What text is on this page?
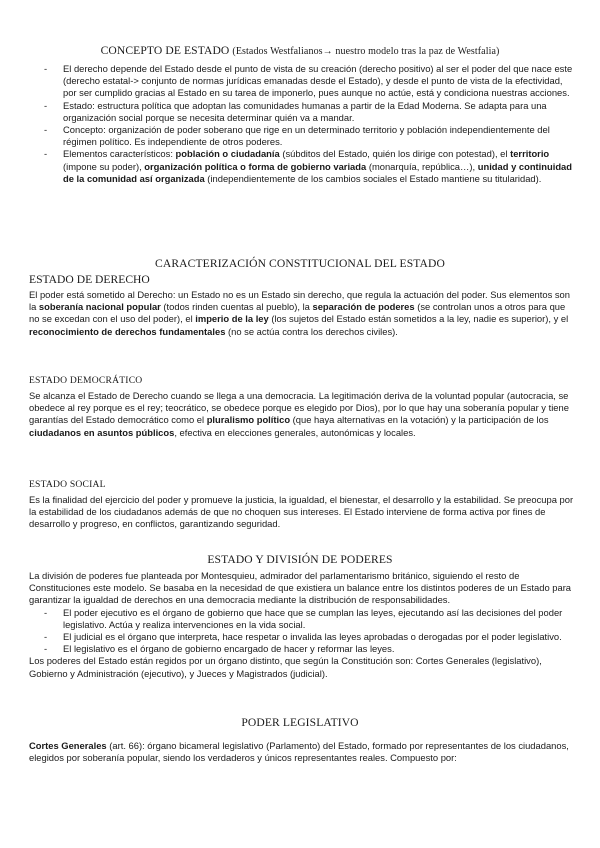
CONCEPTO DE ESTADO (Estados Westfalianos→ nuestro modelo tras la paz de Westfalia)
- El derecho depende del Estado desde el punto de vista de su creación (derecho positivo) al ser el poder del que nace este (derecho estatal-> conjunto de normas jurídicas emanadas desde el Estado), y desde el punto de vista de la efectividad, por ser cumplido gracias al Estado en su tarea de imponerlo, pues aunque no actúe, está y condiciona nuestras acciones.
- Estado: estructura política que adoptan las comunidades humanas a partir de la Edad Moderna. Se adapta para una organización social porque se necesita determinar quién va a mandar.
- Concepto: organización de poder soberano que rige en un determinado territorio y población independientemente del régimen político. Es independiente de otros poderes.
- Elementos característicos: población o ciudadanía (súbditos del Estado, quién los dirige con potestad), el territorio (impone su poder), organización política o forma de gobierno variada (monarquía, república…), unidad y continuidad de la comunidad así organizada (independientemente de los cambios sociales el Estado mantiene su titularidad).
CARACTERIZACIÓN CONSTITUCIONAL DEL ESTADO
ESTADO DE DERECHO

El poder está sometido al Derecho: un Estado no es un Estado sin derecho, que regula la actuación del poder. Sus elementos son la soberanía nacional popular (todos rinden cuentas al pueblo), la separación de poderes (se controlan unos a otros para que no se excedan con el uso del poder), el imperio de la ley (los sujetos del Estado están sometidos a la ley, nadie es superior), y el reconocimiento de derechos fundamentales (no se actúa contra los derechos civiles).

ESTADO DEMOCRÁTICO

Se alcanza el Estado de Derecho cuando se llega a una democracia. La legitimación deriva de la voluntad popular (autocracia, se obedece al rey porque es el rey; teocrático, se obedece porque es elegido por Dios), por lo que hay una soberanía popular y tiene garantías del Estado democrático como el pluralismo político (que haya alternativas en la votación) y la participación de los ciudadanos en asuntos públicos, efectiva en elecciones generales, autonómicas y locales.

ESTADO SOCIAL

Es la finalidad del ejercicio del poder y promueve la justicia, la igualdad, el bienestar, el desarrollo y la estabilidad. Se preocupa por la estabilidad de los ciudadanos además de que no choquen sus intereses. El Estado interviene de forma activa por fines de desarrollo y progreso, en conflictos, garantizando seguridad.

ESTADO Y DIVISIÓN DE PODERES

La división de poderes fue planteada por Montesquieu, admirador del parlamentarismo británico, siguiendo el resto de Constituciones este modelo. Se basaba en la necesidad de que existiera un balance entre los distintos poderes de un Estado para garantizar la igualdad de derechos en una democracia mediante la distribución de responsabilidades.

- El poder ejecutivo es el órgano de gobierno que hace que se cumplan las leyes, ejecutando así las decisiones del poder legislativo. Actúa y realiza intervenciones en la vida social.
- El judicial es el órgano que interpreta, hace respetar o invalida las leyes aprobadas o derogadas por el poder legislativo.
- El legislativo es el órgano de gobierno encargado de hacer y reformar las leyes.

Los poderes del Estado están regidos por un órgano distinto, que según la Constitución son: Cortes Generales (legislativo), Gobierno y Administración (ejecutivo), y Jueces y Magistrados (judicial).

PODER LEGISLATIVO

Cortes Generales (art. 66): órgano bicameral legislativo (Parlamento) del Estado, formado por representantes de los ciudadanos, elegidos por soberanía popular, siendo los verdaderos y únicos representantes reales. Compuesto por:
